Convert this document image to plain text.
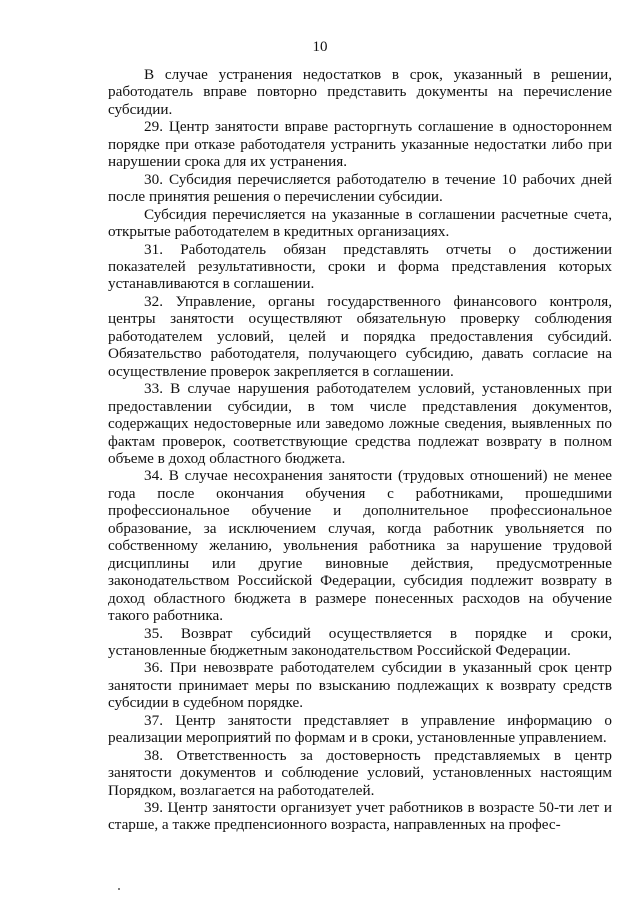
10

В случае устранения недостатков в срок, указанный в решении, работодатель вправе повторно представить документы на перечисление субсидии.

29. Центр занятости вправе расторгнуть соглашение в одностороннем порядке при отказе работодателя устранить указанные недостатки либо при нарушении срока для их устранения.

30. Субсидия перечисляется работодателю в течение 10 рабочих дней после принятия решения о перечислении субсидии.

Субсидия перечисляется на указанные в соглашении расчетные счета, открытые работодателем в кредитных организациях.

31. Работодатель обязан представлять отчеты о достижении показателей результативности, сроки и форма представления которых устанавливаются в соглашении.

32. Управление, органы государственного финансового контроля, центры занятости осуществляют обязательную проверку соблюдения работодателем условий, целей и порядка предоставления субсидий. Обязательство работодателя, получающего субсидию, давать согласие на осуществление проверок закрепляется в соглашении.

33. В случае нарушения работодателем условий, установленных при предоставлении субсидии, в том числе представления документов, содержащих недостоверные или заведомо ложные сведения, выявленных по фактам проверок, соответствующие средства подлежат возврату в полном объеме в доход областного бюджета.

34. В случае несохранения занятости (трудовых отношений) не менее года после окончания обучения с работниками, прошедшими профессиональное обучение и дополнительное профессиональное образование, за исключением случая, когда работник увольняется по собственному желанию, увольнения работника за нарушение трудовой дисциплины или другие виновные действия, предусмотренные законодательством Российской Федерации, субсидия подлежит возврату в доход областного бюджета в размере понесенных расходов на обучение такого работника.

35. Возврат субсидий осуществляется в порядке и сроки, установленные бюджетным законодательством Российской Федерации.

36. При невозврате работодателем субсидии в указанный срок центр занятости принимает меры по взысканию подлежащих к возврату средств субсидии в судебном порядке.

37. Центр занятости представляет в управление информацию о реализации мероприятий по формам и в сроки, установленные управлением.

38. Ответственность за достоверность представляемых в центр занятости документов и соблюдение условий, установленных настоящим Порядком, возлагается на работодателей.

39. Центр занятости организует учет работников в возрасте 50-ти лет и старше, а также предпенсионного возраста, направленных на профес-
